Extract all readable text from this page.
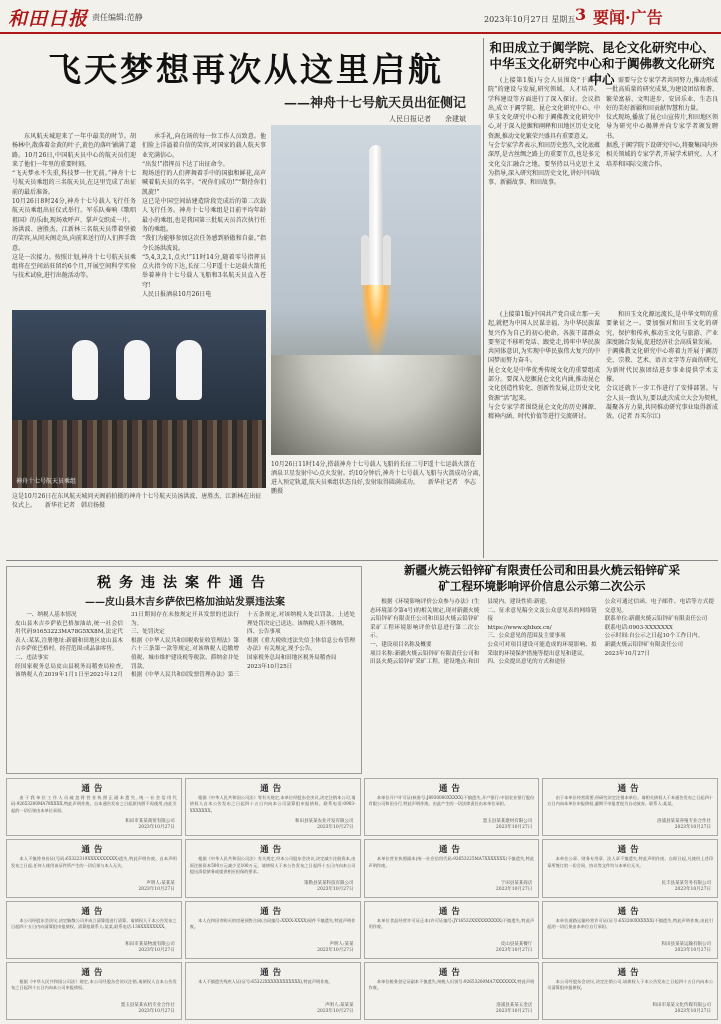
和田日报 责任编辑:范静	2023年10月27日 星期五 3 要闻·广告
飞天梦想再次从这里启航
——神舟十七号航天员出征侧记
人民日报记者　　余建斌

东风航天城迎来了一年中最美的时节。胡杨林中,散落着金黄的叶子,黄色的落叶铺满了道路。10月26日,中国航天员中心的航天员们迎来了他们一年里的重要时刻。
“飞天梦永不失重,科技梦一往无前。”神舟十七号航天员乘组的三名航天员,在这里完成了出征前的最后准备。
10月26日8时24分,神舟十七号载人飞行任务航天员乘组出征仪式举行。军乐队奏响《歌唱祖国》的乐曲,现场欢呼声、掌声交织成一片。
汤洪波、唐胜杰、江新林三名航天员带着坚毅的笑容,从问天阁走出,向前来送行的人们挥手致意。
这是一次接力。按照计划,神舟十七号航天员乘组将在空间站驻留约6个月,开展空间科学实验与技术试验,进行出舱活动等。

承手礼,向在场的每一位工作人员致意。他们脸上洋溢着自信的笑容,对国家的载人航天事业充满信心。
“出发!”指挥员下达了出征命令。
现场送行的人们挥舞着手中的国旗和鲜花,高声喊着航天员的名字。“祝你们成功!”“期待你们凯旋!”
这已是中国空间站建造阶段完成后的第二次载人飞行任务。神舟十七号乘组是目前平均年龄最小的乘组,也是我国第三批航天员首次执行任务的乘组。
“我们为能够参加这次任务感到骄傲和自豪。”指令长汤洪波说。
“5,4,3,2,1,点火!”11时14分,随着零号指挥员点火指令的下达,长征二号F遥十七运载火箭托举着神舟十七号载人飞船和3名航天员直入苍穹!
人民日报酒泉10月26日电

神舟十七号航天员乘组
这是10月26日在东风航天城问天阁前拍摄的神舟十七号航天员汤洪波、唐胜杰、江新林在出征仪式上。　　新华社记者　韩启扬摄
10月26日11时14分,搭载神舟十七号载人飞船的长征二号F遥十七运载火箭在酒泉卫星发射中心点火发射。约10分钟后,神舟十七号载人飞船与火箭成功分离,进入预定轨道,航天员乘组状态良好,发射取得圆满成功。　　新华社记者　李志鹏摄
和田成立于阗学院、昆仑文化研究中心、
中华玉文化研究中心和于阗佛教文化研究中心

(上接第1版)与会人员围绕“于阗学院”的建设与发展,研究领域、人才培养、学科建设等方面进行了深入探讨。会议指出,成立于阗学院、昆仑文化研究中心、中华玉文化研究中心和于阗佛教文化研究中心,对于深入挖掘和阐释和田地区历史文化资源,推动文化繁荣兴盛具有重要意义。
与会专家学者表示,和田历史悠久,文化底蕴深厚,是古丝绸之路上的重要节点,也是多元文化交汇融合之地。要坚持以马克思主义为指导,深入研究和田历史文化,讲好中国故事、新疆故事、和田故事。

需要与会专家学者共同努力,推动形成一批高质量的研究成果,为建设团结和谐、繁荣富裕、文明进步、安居乐业、生态良好的美好新疆和田贡献智慧和力量。
仪式现场,播放了昆仑山宣传片,和田地区领导为研究中心揭牌并向专家学者颁发聘书。
据悉,于阗学院下设研究中心,将聚集国内外相关领域的专家学者,开展学术研究、人才培养和国际交流合作。

(上接第1版)中国共产党自成立那一天起,就把为中国人民谋幸福、为中华民族谋复兴作为自己的初心使命。各族干部群众要坚定不移听党话、跟党走,铸牢中华民族共同体意识,为实现中华民族伟大复兴的中国梦而努力奋斗。
昆仑文化是中华优秀传统文化的重要组成部分。要深入挖掘昆仑文化内涵,推动昆仑文化创造性转化、创新性发展,让历史文化资源“活”起来。
与会专家学者围绕昆仑文化的历史渊源、精神内涵、时代价值等进行交流研讨。

和田玉文化源远流长,是中华文明的重要象征之一。要加强对和田玉文化的研究、保护和传承,推动玉文化与旅游、产业深度融合发展,促进经济社会高质量发展。
于阗佛教文化研究中心将着力开展于阗历史、宗教、艺术、语言文字等方面的研究,为新时代民族团结进步事业提供学术支撑。
会议还就下一步工作进行了安排部署。与会人员一致认为,要以此次成立大会为契机,凝聚各方力量,共同推动研究事业取得新成效。(记者 吾买尔江)

税务违法案件通告
——皮山县木吉乡萨依巴格加油站发票违法案

一、纳税人基本情况
皮山县木吉乡萨依巴格加油站,统一社会信用代码91653223MA78G5XX8M,法定代表人:某某,注册地址:新疆和田地区皮山县木吉乡萨依巴格村。经营范围:成品油零售。
二、违法事实
经国家税务总局皮山县税务局稽查局检查,该纳税人在2019年1月1日至2021年12月31日期间存在未按规定开具发票的违法行为。
三、处罚决定
根据《中华人民共和国税收征收管理法》第六十三条第一款等规定,对该纳税人追缴增值税、城市维护建设税等税款、滞纳金并处罚款。
根据《中华人民共和国发票管理办法》第三十五条规定,对该纳税人处以罚款。上述处理处罚决定已送达。该纳税人拒不缴纳。
四、公告事项
根据《重大税收违法失信主体信息公布管理办法》有关规定,现予公告。
国家税务总局和田地区税务局稽查局
2023年10月25日

新疆火焼云铅锌矿有限责任公司和田县火焼云铅锌矿采
矿工程环境影响评价信息公示第二次公示

根据《环境影响评价公众参与办法》(生态环境部令第4号)的相关规定,现对新疆火焼云铅锌矿有限责任公司和田县火焼云铅锌矿采矿工程环境影响评价信息进行第二次公示。
一、建设项目名称及概要
项目名称:新疆火焼云铅锌矿有限责任公司和田县火焼云铅锌矿采矿工程。建设地点:和田县境内。建设性质:新建。
二、征求意见稿全文及公众意见表的网络链接
https://www.xjhbzx.cn/
三、公众意见的范围及主要事项
公众可对项目建设可能造成的环境影响、拟采取的环境保护措施等提出意见和建议。
四、公众提出意见的方式和途径
公众可通过信函、电子邮件、电话等方式提交意见。
联系单位:新疆火焼云铅锌矿有限责任公司
联系电话:0903-XXXXXXX
公示时间:自公示之日起10个工作日内。
新疆火焼云铅锌矿有限责任公司
2023年10月27日

通告

由于我单位工作人员疏忽将营业执照正副本遗失,统一社会信用代码:92653200MA78XXXX,特此声明作废。自本通告发布之日起原执照不再使用,由此引起的一切后果由本单位承担。

和田市某某商贸有限公司
2023年10月27日
通告

根据《中华人民共和国公司法》等有关规定,本单位经股东会决议,决定注销本公司,请债权人自本公告发布之日起四十五日内向本公司清算组申报债权。联系电话:0903-XXXXXXX。

和田县某某农业开发有限公司
2023年10月27日
通告

本单位开户许可证(核准号:J8930000XXXXX)不慎遗失,开户银行:中国农业银行股份有限公司和田分行,特此声明作废。由此产生的一切法律责任由本单位承担。

墨玉县某某建材有限公司
2023年10月27日
通告

由于本单位经营需要,经研究决定注销本单位。请相关债权人于本通告发布之日起四十五日内向本单位申报债权,逾期不申报者视为自动放弃。联系人:某某。

洛浦县某某养殖专业合作社
2023年10月27日
通告

本人不慎将身份证(号码:65322319XXXXXXXXXX)遗失,特此声明作废。自本声明发布之日起,任何人使用该证件所产生的一切后果与本人无关。

声明人:某某某
2023年10月27日
通告

根据《中华人民共和国公司法》有关规定,经本公司股东会决议,决定减少注册资本,由原注册资本500万元减少至100万元。请债权人于本公告发布之日起四十五日内向本公司提出清偿债务或提供相应担保的要求。

策勒县某某科技有限公司
2023年10月27日
通告

本单位营业执照副本(统一社会信用代码:92653225MA7XXXXXXX)不慎遗失,特此声明作废。

于田县某某商店
2023年10月27日
通告

本单位公章、财务专用章、法人章不慎遗失,特此声明作废。自即日起,凡使用上述印章所签订的一切合同、协议等文件均与本单位无关。

民丰县某某劳务有限公司
2023年10月27日
通告

本公司经股东会决议,决定解散公司并成立清算组进行清算。请债权人于本公告发布之日起四十五日内向清算组申报债权。清算组联系人:某某,联系电话:138XXXXXXXX。

和田市某某物流有限公司
2023年10月27日
通告

本人在和田市购买的房屋预售合同(合同编号:XXXX-XXXX)原件不慎遗失,特此声明作废。

声明人:某某
2023年10月27日
通告

本单位食品经营许可证正本(许可证编号:JY16532XXXXXXXXXX)不慎遗失,特此声明作废。

皮山县某某餐厅
2023年10月27日
通告

本单位道路运输经营许可证(证号:653200XXXXXX)不慎遗失,特此声明作废,由此引起的一切后果由本单位自行承担。

和田县某某运输有限公司
2023年10月27日
通告

根据《中华人民共和国公司法》规定,本公司经股东会决议注销,请债权人自本公告发布之日起四十五日内向本公司申报债权。

墨玉县某某农机专业合作社
2023年10月27日
通告

本人不慎遗失残疾人证(证号:65322XXXXXXXXXXXX),特此声明作废。

声明人:某某某
2023年10月27日
通告

本单位税务登记证副本不慎遗失,纳税人识别号:92653200MA7XXXXXXX,特此声明作废。

洛浦县某某五金店
2023年10月27日
通告

本公司经股东会决议,决定注销公司,请债权人于本公告发布之日起四十五日内向本公司清算组申报债权。

和田市某某文化传媒有限公司
2023年10月27日
